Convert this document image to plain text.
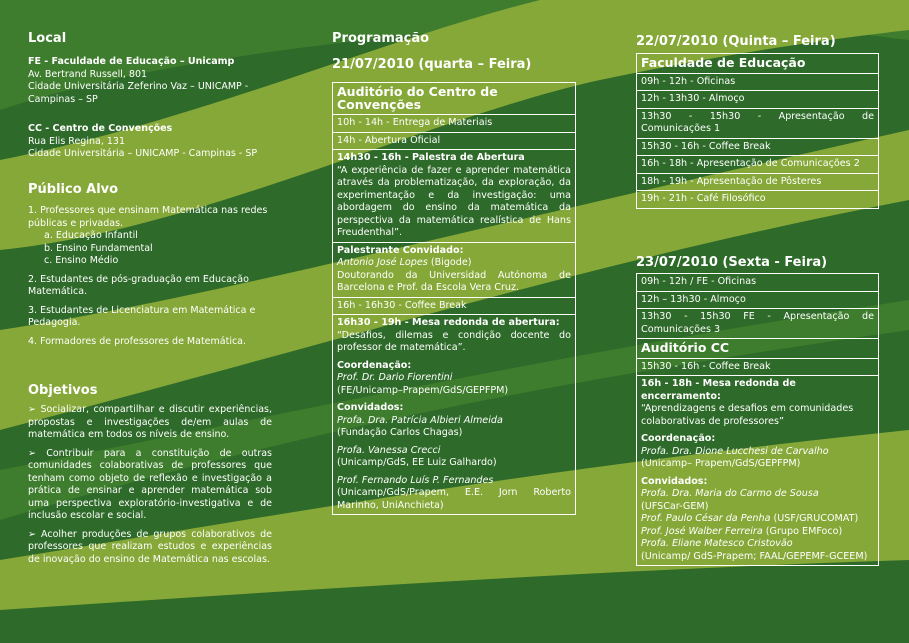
Local
FE - Faculdade de Educação – Unicamp
Av. Bertrand Russell, 801
Cidade Universitária Zeferino Vaz – UNICAMP - Campinas – SP
CC - Centro de Convenções
Rua Elis Regina, 131
Cidade Universitária – UNICAMP - Campinas - SP
Público Alvo
1. Professores que ensinam Matemática nas redes públicas e privadas.
a. Educação Infantil
b. Ensino Fundamental
c. Ensino Médio
2. Estudantes de pós-graduação em Educação Matemática.
3. Estudantes de Licenciatura em Matemática e Pedagogia.
4. Formadores de professores de Matemática.
Objetivos
➢ Socializar, compartilhar e discutir experiências, propostas e investigações de/em aulas de matemática em todos os níveis de ensino.
➢ Contribuir para a constituição de outras comunidades colaborativas de professores que tenham como objeto de reflexão e investigação a prática de ensinar e aprender matemática sob uma perspectiva exploratório-investigativa e de inclusão escolar e social.
➢ Acolher produções de grupos colaborativos de professores que realizam estudos e experiências de inovação do ensino de Matemática nas escolas.
Programação
21/07/2010 (quarta – Feira)
Auditório do Centro de Convenções
10h - 14h - Entrega de Materiais
14h - Abertura Oficial
14h30 - 16h - Palestra de Abertura
“A experiência de fazer e aprender matemática através da problematização, da exploração, da experimentação e da investigação: uma abordagem do ensino da matemática da perspectiva da matemática realística de Hans Freudenthal”.
Palestrante Convidado:
Antonio José Lopes (Bigode)
Doutorando da Universidad Autónoma de Barcelona e Prof. da Escola Vera Cruz.
16h - 16h30 - Coffee Break
16h30 - 19h - Mesa redonda de abertura:
“Desafios, dilemas e condição docente do professor de matemática”.
Coordenação:
Prof. Dr. Dario Fiorentini
(FE/Unicamp–Prapem/GdS/GEPFPM)
Convidados:
Profa. Dra. Patrícia Albieri Almeida
(Fundação Carlos Chagas)
Profa. Vanessa Crecci
(Unicamp/GdS, EE Luiz Galhardo)
Prof. Fernando Luís P. Fernandes
(Unicamp/GdS/Prapem, E.E. Jorn Roberto Marinho, UniAnchieta)
22/07/2010 (Quinta – Feira)
Faculdade de Educação
09h - 12h - Oficinas
12h - 13h30 - Almoço
13h30 - 15h30 - Apresentação de Comunicações 1
15h30 - 16h - Coffee Break
16h - 18h - Apresentação de Comunicações 2
18h - 19h - Apresentação de Pôsteres
19h - 21h - Café Filosófico
23/07/2010 (Sexta - Feira)
09h - 12h / FE - Oficinas
12h – 13h30 - Almoço
13h30 - 15h30 FE - Apresentação de Comunicações 3
Auditório CC
15h30 - 16h - Coffee Break
16h - 18h - Mesa redonda de encerramento:
“Aprendizagens e desafios em comunidades colaborativas de professores”
Coordenação:
Profa. Dra. Dione Lucchesi de Carvalho
(Unicamp– Prapem/GdS/GEPFPM)
Convidados:
Profa. Dra. Maria do Carmo de Sousa
(UFSCar-GEM)
Prof. Paulo César da Penha (USF/GRUCOMAT)
Prof. José Walber Ferreira (Grupo EMFoco)
Profa. Eliane Matesco Cristovão
(Unicamp/ GdS-Prapem; FAAL/GEPEMF-GCEEM)
